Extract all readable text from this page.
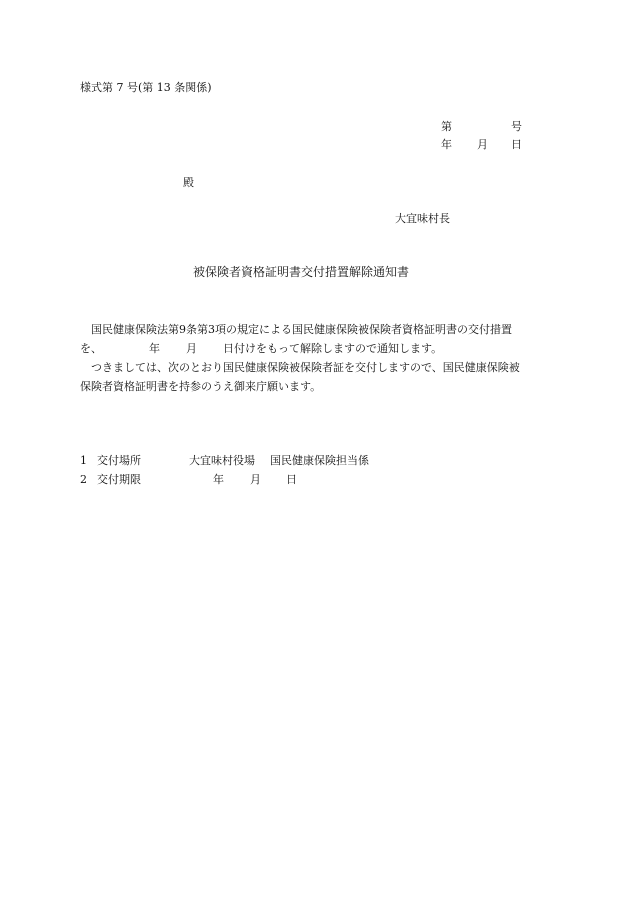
様式第 7 号(第 13 条関係)
第	号
年 月 日
殿
大宜味村長
被保険者資格証明書交付措置解除通知書
国民健康保険法第9条第3項の規定による国民健康保険被保険者資格証明書の交付措置
を、	年 月 日付けをもって解除しますので通知します。
つきましては、次のとおり国民健康保険被保険者証を交付しますので、国民健康保険被
保険者資格証明書を持参のうえ御来庁願います。
1 交付場所	大宜味村役場 国民健康保険担当係
2 交付期限	年 月 日
